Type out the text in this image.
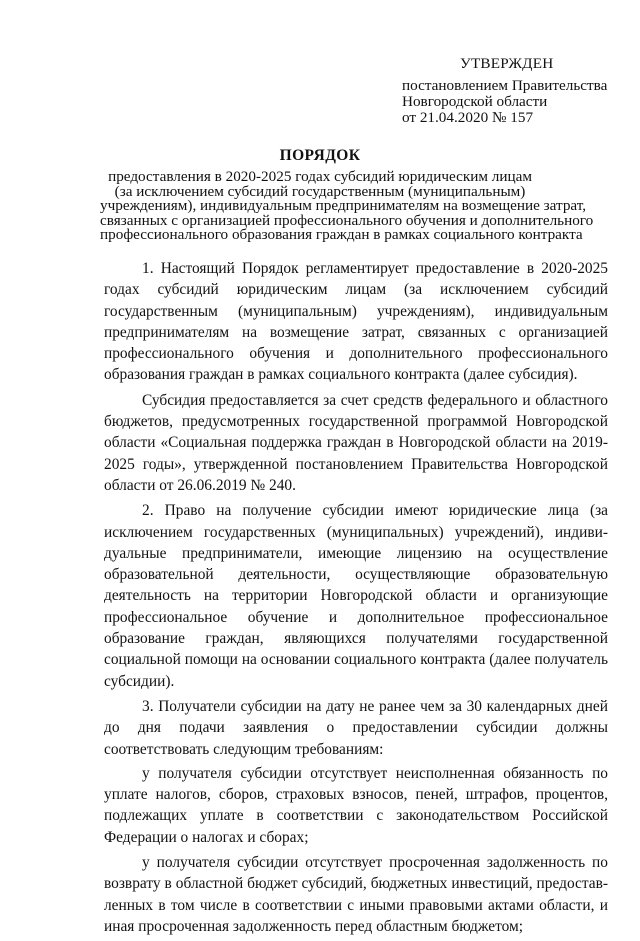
УТВЕРЖДЕН
постановлением Правительства
Новгородской области
от 21.04.2020 № 157
ПОРЯДОК
предоставления в 2020-2025 годах субсидий юридическим лицам
(за исключением субсидий государственным (муниципальным)
учреждениям), индивидуальным предпринимателям на возмещение затрат,
связанных с организацией профессионального обучения и дополнительного
профессионального образования граждан в рамках социального контракта

1. Настоящий Порядок регламентирует предоставление в 2020-2025 годах субсидий юридическим лицам (за исключением субсидий государственным (муниципальным) учреждениям), индивидуальным предпринимателям на возмещение затрат, связанных с организацией профессионального обучения и дополнительного профессионального образования граждан в рамках социального контракта (далее субсидия).

Субсидия предоставляется за счет средств федерального и областного бюджетов, предусмотренных государственной программой Новгородской области «Социальная поддержка граждан в Новгородской области на 2019-2025 годы», утвержденной постановлением Правительства Новгородской области от 26.06.2019 № 240.

2. Право на получение субсидии имеют юридические лица (за исключением государственных (муниципальных) учреждений), индиви-дуальные предприниматели, имеющие лицензию на осуществление образовательной деятельности, осуществляющие образовательную деятельность на территории Новгородской области и организующие профессиональное обучение и дополнительное профессиональное образование граждан, являющихся получателями государственной социальной помощи на основании социального контракта (далее получатель субсидии).

3. Получатели субсидии на дату не ранее чем за 30 календарных дней до дня подачи заявления о предоставлении субсидии должны соответствовать следующим требованиям:

у получателя субсидии отсутствует неисполненная обязанность по уплате налогов, сборов, страховых взносов, пеней, штрафов, процентов, подлежащих уплате в соответствии с законодательством Российской Федерации о налогах и сборах;

у получателя субсидии отсутствует просроченная задолженность по возврату в областной бюджет субсидий, бюджетных инвестиций, предостав-ленных в том числе в соответствии с иными правовыми актами области, и иная просроченная задолженность перед областным бюджетом;
